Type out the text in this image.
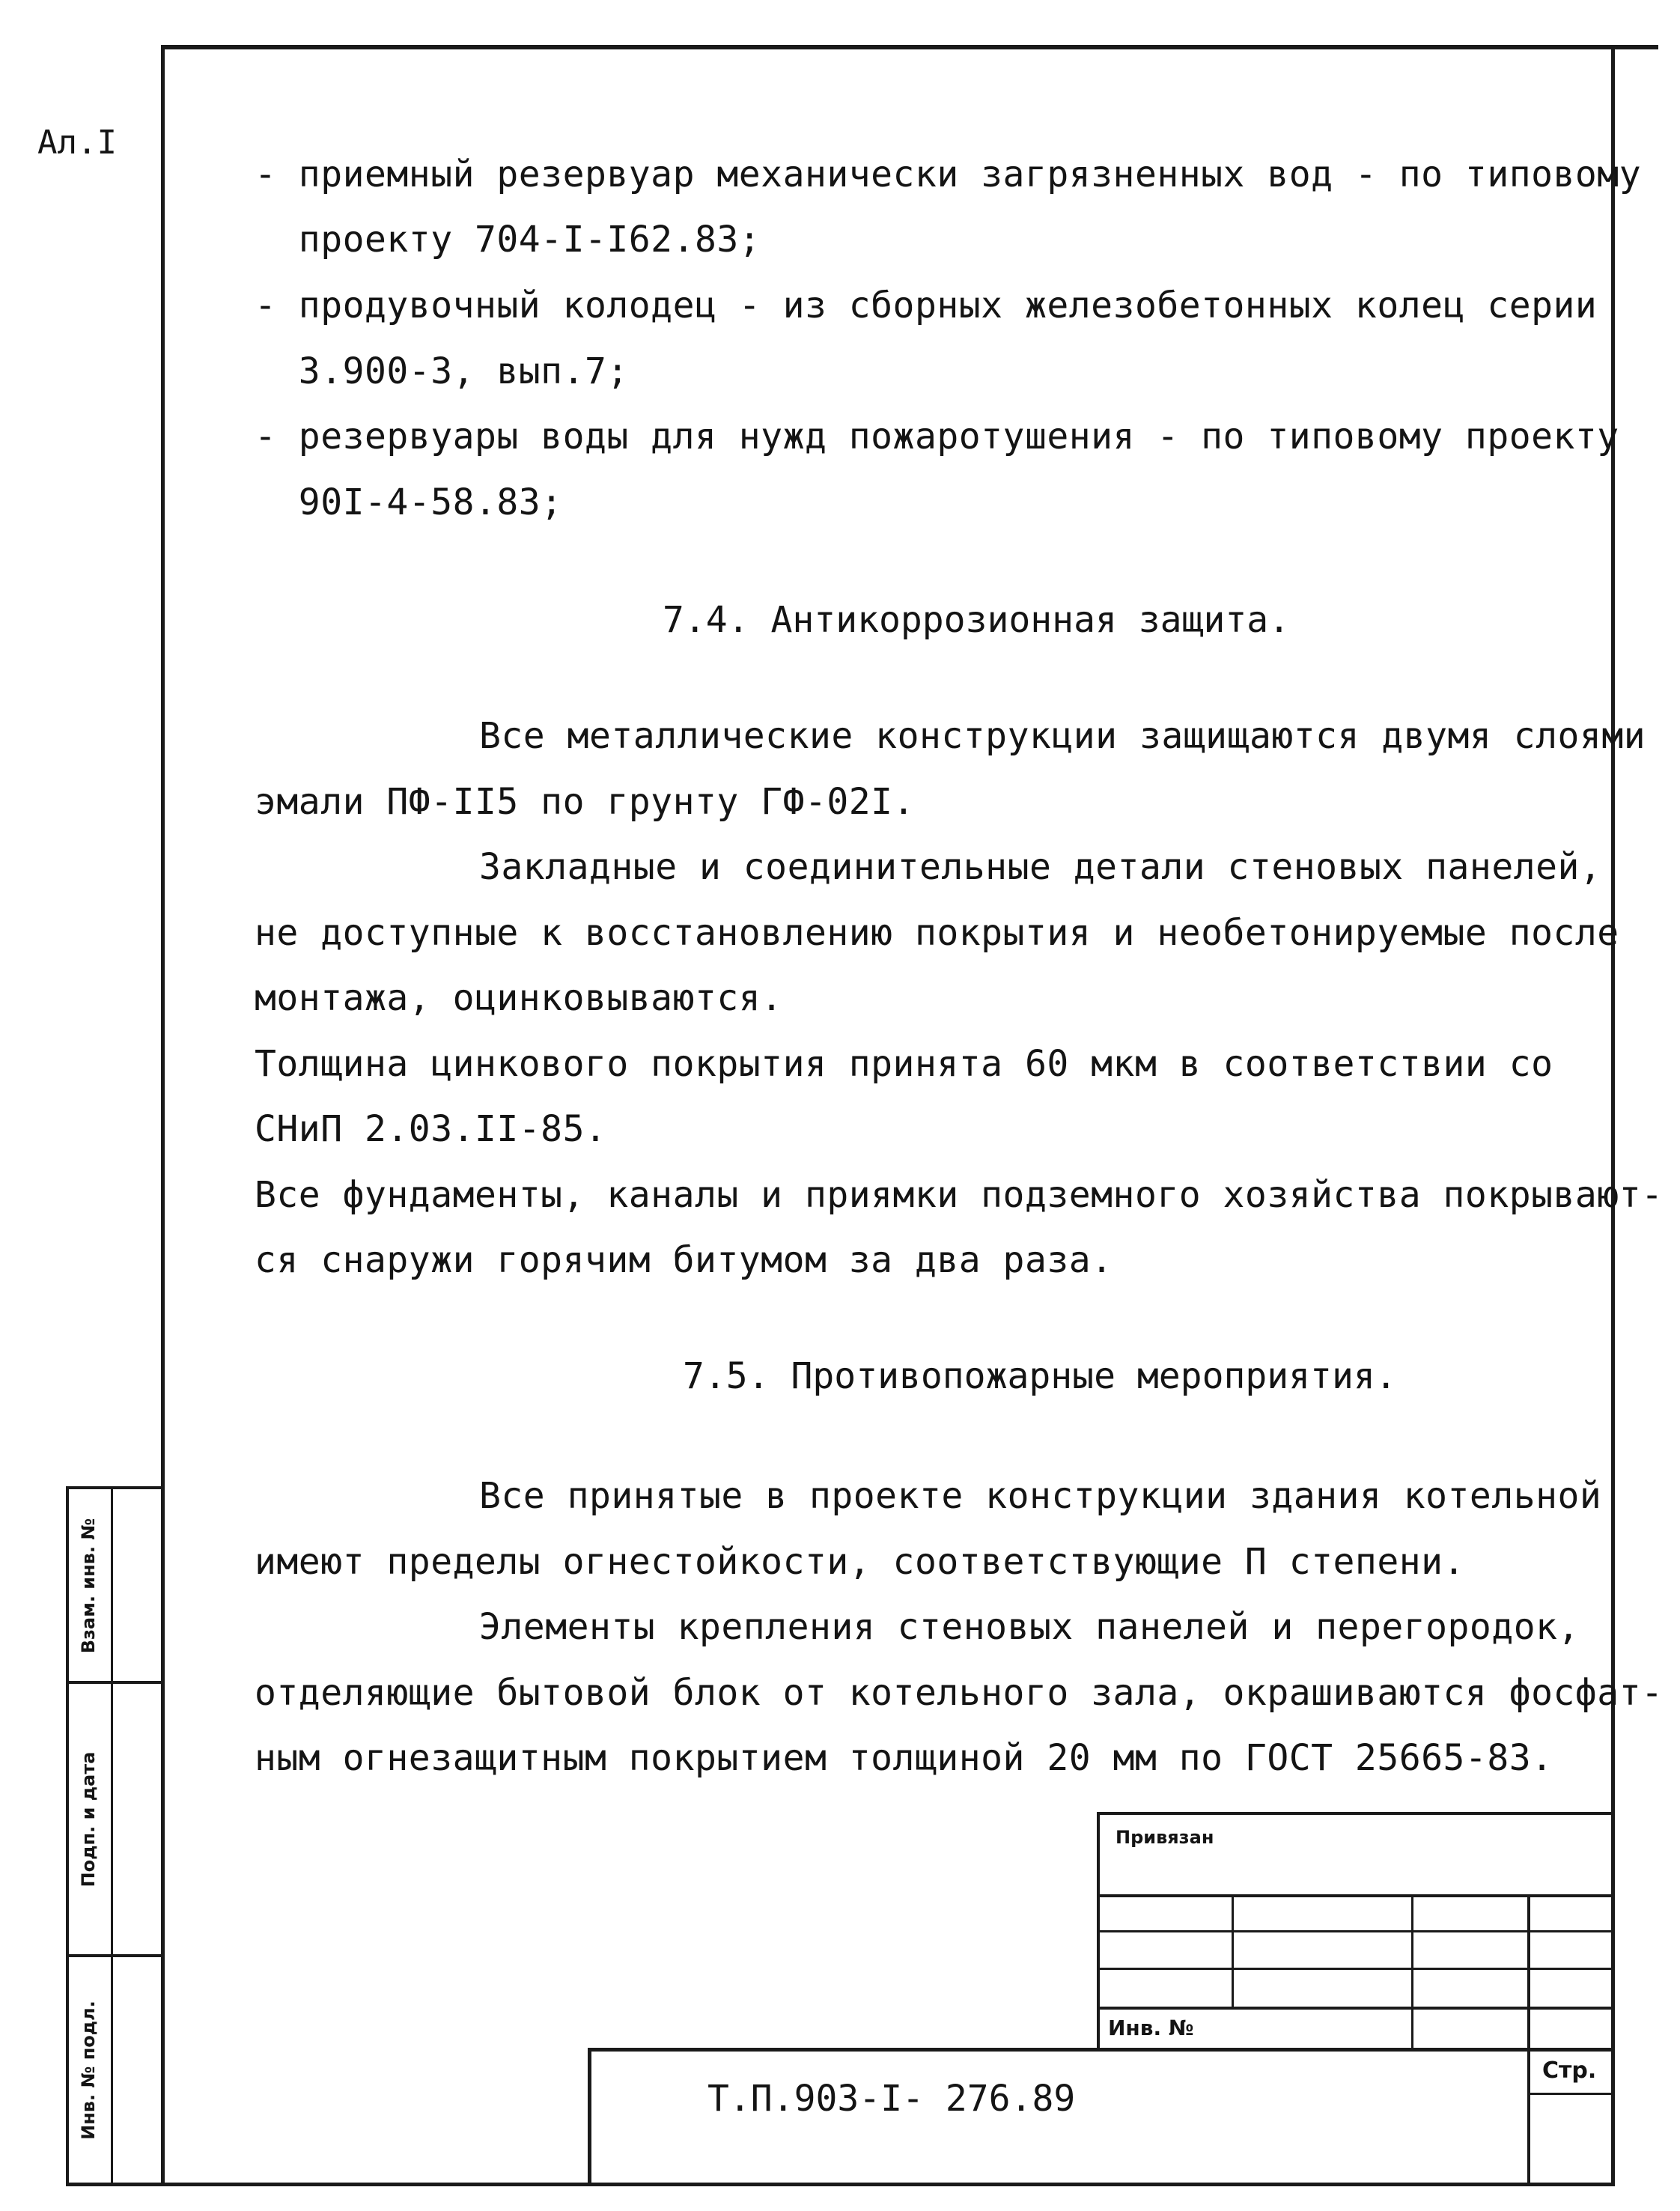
Ал.I
- приемный резервуар механически загрязненных вод - по типовому
проекту 704-I-I62.83;
- продувочный колодец - из сборных железобетонных колец серии
3.900-3, вып.7;
- резервуары воды для нужд пожаротушения - по типовому проекту
90I-4-58.83;
7.4. Антикоррозионная защита.
Все металлические конструкции защищаются двумя слоями
эмали ПФ-II5 по грунту ГФ-02I.
Закладные и соединительные детали стеновых панелей,
не доступные к восстановлению покрытия и необетонируемые после
монтажа, оцинковываются.
Толщина цинкового покрытия принята 60 мкм в соответствии со
СНиП 2.03.II-85.
Все фундаменты, каналы и приямки подземного хозяйства покрывают-
ся снаружи горячим битумом за два раза.
7.5. Противопожарные мероприятия.
Все принятые в проекте конструкции здания котельной
имеют пределы огнестойкости, соответствующие П степени.
Элементы крепления стеновых панелей и перегородок,
отделяющие бытовой блок от котельного зала, окрашиваются фосфат-
ным огнезащитным покрытием толщиной 20 мм по ГОСТ 25665-83.
Взам. инв. №
Подп. и дата
Инв. № подл.
Привязан
Инв. №
Стр.
Т.П.903-I- 276.89
